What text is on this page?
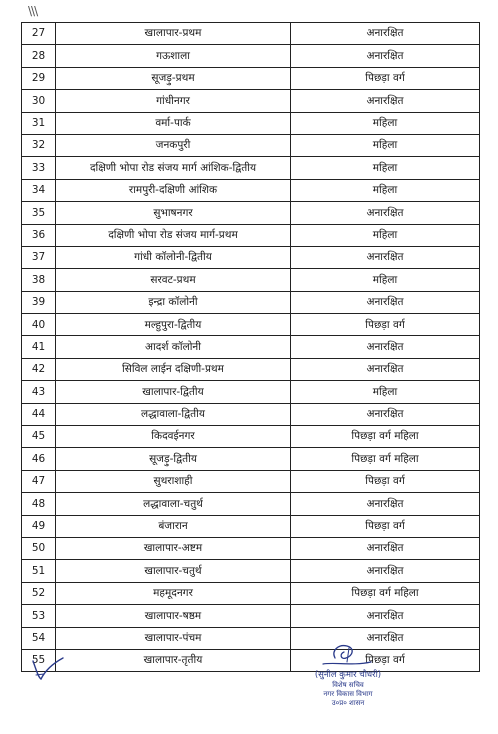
\\\
27	खालापार-प्रथम	अनारक्षित
28	गऊशाला	अनारक्षित
29	सूजड़ु-प्रथम	पिछड़ा वर्ग
30	गांधीनगर	अनारक्षित
31	वर्मा-पार्क	महिला
32	जनकपुरी	महिला
33	दक्षिणी भोपा रोड संजय मार्ग आंशिक-द्वितीय	महिला
34	रामपुरी-दक्षिणी आंशिक	महिला
35	सुभाषनगर	अनारक्षित
36	दक्षिणी भोपा रोड संजय मार्ग-प्रथम	महिला
37	गांधी कॉलोनी-द्वितीय	अनारक्षित
38	सरवट-प्रथम	महिला
39	इन्द्रा कॉलोनी	अनारक्षित
40	मल्हुपुरा-द्वितीय	पिछड़ा वर्ग
41	आदर्श कॉलोनी	अनारक्षित
42	सिविल लाईन दक्षिणी-प्रथम	अनारक्षित
43	खालापार-द्वितीय	महिला
44	लद्धावाला-द्वितीय	अनारक्षित
45	किदवईनगर	पिछड़ा वर्ग महिला
46	सूजड़ु-द्वितीय	पिछड़ा वर्ग महिला
47	सुथराशाही	पिछड़ा वर्ग
48	लद्धावाला-चतुर्थ	अनारक्षित
49	बंजारान	पिछड़ा वर्ग
50	खालापार-अष्टम	अनारक्षित
51	खालापार-चतुर्थ	अनारक्षित
52	महमूदनगर	पिछड़ा वर्ग महिला
53	खालापार-षष्ठम	अनारक्षित
54	खालापार-पंचम	अनारक्षित
55	खालापार-तृतीय	पिछड़ा वर्ग
(सुनील कुमार चौधरी)
विशेष सचिव
नगर विकास विभाग
उ०प्र० शासन
